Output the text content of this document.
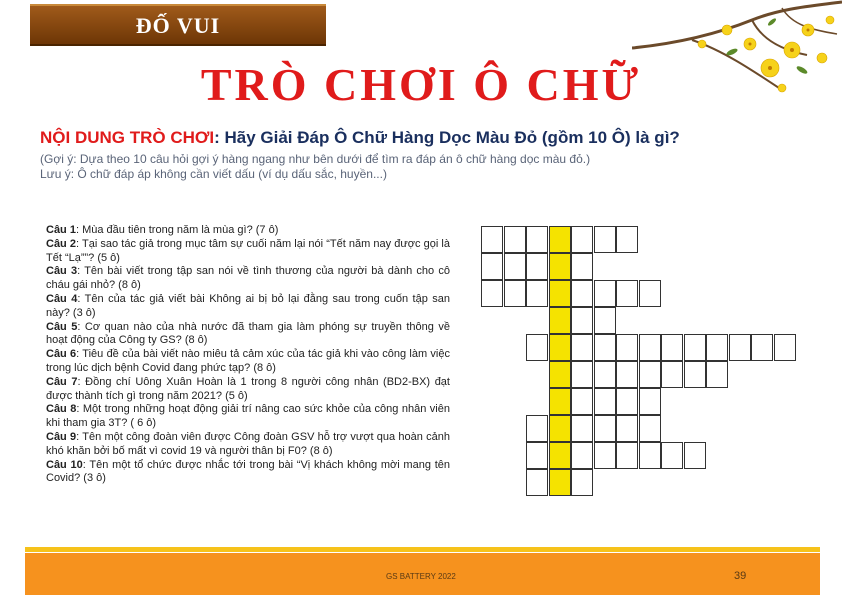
ĐỐ VUI
TRÒ CHƠI Ô CHỮ
NỘI DUNG TRÒ CHƠI: Hãy Giải Đáp Ô Chữ Hàng Dọc Màu Đỏ (gồm 10 Ô) là gì?
(Gợi ý: Dựa theo 10 câu hỏi gợi ý hàng ngang như bên dưới để tìm ra đáp án ô chữ hàng dọc màu đỏ.)
Lưu ý: Ô chữ đáp áp không cần viết dấu (ví dụ dấu sắc, huyền...)

Câu 1: Mùa đầu tiên trong năm là mùa gì? (7 ô)

Câu 2: Tại sao tác giả trong mục tâm sự cuối năm lại nói “Tết năm nay được gọi là Tết “Lạ””? (5 ô)

Câu 3: Tên bài viết trong tập san nói về tình thương của người bà dành cho cô cháu gái nhỏ? (8 ô)

Câu 4: Tên của tác giả viết bài Không ai bị bỏ lại đằng sau trong cuốn tập san này? (3 ô)

Câu 5: Cơ quan nào của nhà nước đã tham gia làm phóng sự truyền thông về hoạt động của Công ty GS? (8 ô)

Câu 6: Tiêu đề của bài viết nào miêu tả cảm xúc của tác giả khi vào công làm việc trong lúc dịch bệnh Covid đang phức tạp? (8 ô)

Câu 7: Đồng chí Uông Xuân Hoàn là 1 trong 8 người công nhân (BD2-BX) đạt được thành tích gì trong năm 2021? (5 ô)

Câu 8: Một trong những hoạt động giải trí nâng cao sức khỏe của công nhân viên khi tham gia 3T? ( 6 ô)

Câu 9: Tên một công đoàn viên được Công đoàn GSV hỗ trợ vượt qua hoàn cảnh khó khăn bởi bố mất vì covid 19 và người thân bị F0? (8 ô)

Câu 10: Tên một tổ chức được nhắc tới trong bài “Vị khách không mời mang tên Covid? (3 ô)

GS BATTERY 2022	39
